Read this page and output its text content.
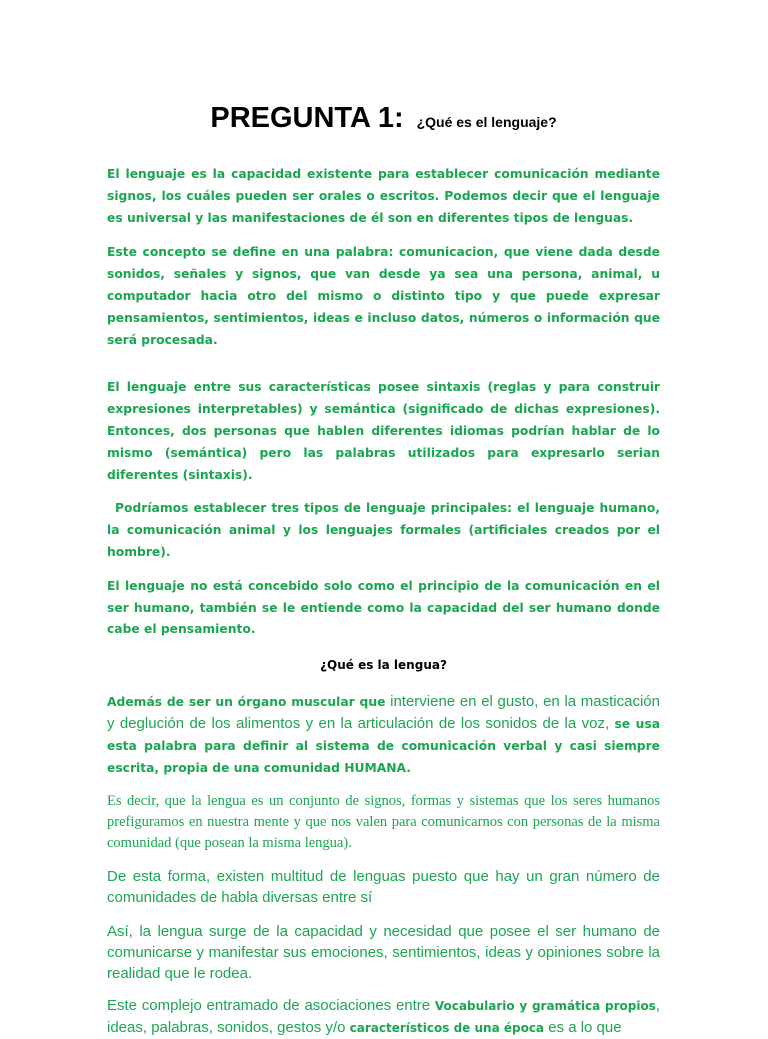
PREGUNTA 1: ¿Qué es el lenguaje?

El lenguaje es la capacidad existente para establecer comunicación mediante signos, los cuáles pueden ser orales o escritos. Podemos decir que el lenguaje es universal y las manifestaciones de él son en diferentes tipos de lenguas.

Este concepto se define en una palabra: comunicacion, que viene dada desde sonidos, señales y signos, que van desde ya sea una persona, animal, u computador hacia otro del mismo o distinto tipo y que puede expresar pensamientos, sentimientos, ideas e incluso datos, números o información que será procesada.

El lenguaje entre sus características posee sintaxis (reglas y para construir expresiones interpretables) y semántica (significado de dichas expresiones). Entonces, dos personas que hablen diferentes idiomas podrían hablar de lo mismo (semántica) pero las palabras utilizados para expresarlo serian diferentes (sintaxis).

Podríamos establecer tres tipos de lenguaje principales: el lenguaje humano, la comunicación animal y los lenguajes formales (artificiales creados por el hombre).

El lenguaje no está concebido solo como el principio de la comunicación en el ser humano, también se le entiende como la capacidad del ser humano donde cabe el pensamiento.

¿Qué es la lengua?

Además de ser un órgano muscular que interviene en el gusto, en la masticación y deglución de los alimentos y en la articulación de los sonidos de la voz, se usa esta palabra para definir al sistema de comunicación verbal y casi siempre escrita, propia de una comunidad HUMANA.

Es decir, que la lengua es un conjunto de signos, formas y sistemas que los seres humanos prefiguramos en nuestra mente y que nos valen para comunicarnos con personas de la misma comunidad (que posean la misma lengua).

De esta forma, existen multitud de lenguas puesto que hay un gran número de comunidades de habla diversas entre sí

Así, la lengua surge de la capacidad y necesidad que posee el ser humano de comunicarse y manifestar sus emociones, sentimientos, ideas y opiniones sobre la realidad que le rodea.

Este complejo entramado de asociaciones entre Vocabulario y gramática propios, ideas, palabras, sonidos, gestos y/o característicos de una época es a lo que
